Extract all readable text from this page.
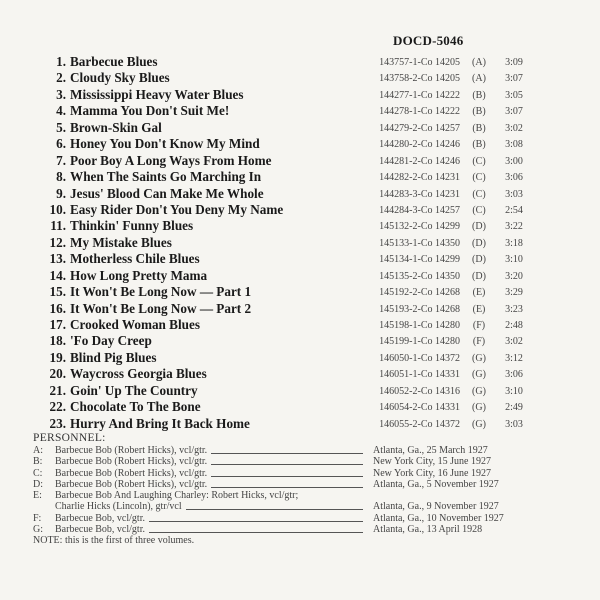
DOCD-5046
1. Barbecue Blues	143757-1-Co 14205 (A)	3:09
2. Cloudy Sky Blues	143758-2-Co 14205 (A)	3:07
3. Mississippi Heavy Water Blues	144277-1-Co 14222 (B)	3:05
4. Mamma You Don't Suit Me!	144278-1-Co 14222 (B)	3:07
5. Brown-Skin Gal	144279-2-Co 14257 (B)	3:02
6. Honey You Don't Know My Mind	144280-2-Co 14246 (B)	3:08
7. Poor Boy A Long Ways From Home	144281-2-Co 14246 (C)	3:00
8. When The Saints Go Marching In	144282-2-Co 14231 (C)	3:06
9. Jesus' Blood Can Make Me Whole	144283-3-Co 14231 (C)	3:03
10. Easy Rider Don't You Deny My Name	144284-3-Co 14257 (C)	2:54
11. Thinkin' Funny Blues	145132-2-Co 14299 (D)	3:22
12. My Mistake Blues	145133-1-Co 14350 (D)	3:18
13. Motherless Chile Blues	145134-1-Co 14299 (D)	3:10
14. How Long Pretty Mama	145135-2-Co 14350 (D)	3:20
15. It Won't Be Long Now — Part 1	145192-2-Co 14268 (E)	3:29
16. It Won't Be Long Now — Part 2	145193-2-Co 14268 (E)	3:23
17. Crooked Woman Blues	145198-1-Co 14280 (F)	2:48
18. 'Fo Day Creep	145199-1-Co 14280 (F)	3:02
19. Blind Pig Blues	146050-1-Co 14372 (G)	3:12
20. Waycross Georgia Blues	146051-1-Co 14331 (G)	3:06
21. Goin' Up The Country	146052-2-Co 14316 (G)	3:10
22. Chocolate To The Bone	146054-2-Co 14331 (G)	2:49
23. Hurry And Bring It Back Home	146055-2-Co 14372 (G)	3:03
PERSONNEL:
A:	Barbecue Bob (Robert Hicks), vcl/gtr.	Atlanta, Ga., 25 March 1927
B:	Barbecue Bob (Robert Hicks), vcl/gtr.	New York City, 15 June 1927
C:	Barbecue Bob (Robert Hicks), vcl/gtr.	New York City, 16 June 1927
D:	Barbecue Bob (Robert Hicks), vcl/gtr.	Atlanta, Ga., 5 November 1927
E:	Barbecue Bob And Laughing Charley: Robert Hicks, vcl/gtr;
Charlie Hicks (Lincoln), gtr/vcl	Atlanta, Ga., 9 November 1927
F:	Barbecue Bob, vcl/gtr.	Atlanta, Ga., 10 November 1927
G:	Barbecue Bob, vcl/gtr.	Atlanta, Ga., 13 April 1928
NOTE: this is the first of three volumes.
